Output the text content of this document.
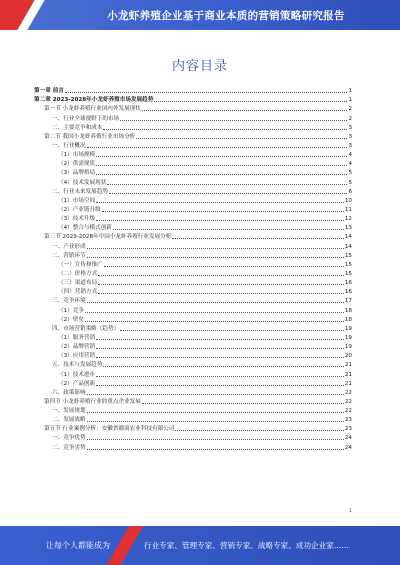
小龙虾养殖企业基于商业本质的营销策略研究报告
内容目录
第一章 前言	1
第二章 2023-2028年小龙虾养殖市场发展趋势	1
第一节 小龙虾养殖行业国内外发展现状	2
一、行业全球视野下的市场	2
二、主要竞争和成本	3
第二节 我国小龙虾养殖行业市场分析	3
一、行业概况	3
（1）市场规模	4
（2）供需现状	4
（3）品牌格局	5
（4）技术发展现状	5
二、行业未来发展趋势	6
（1）市场空间	10
（2）产业链升级	11
（3）技术升级	12
（4）整合与模式创新	13
第三节 2023-2028年中国小龙虾养殖行业发展分析	14
一、产业形成	14
二、营销环节	15
（一）宣传和推广	15
（二）价格方式	15
（三）渠道布局	16
（四）营销方式	16
三、竞争环境	17
（1）竞争	18
（2）壁垒	18
四、市场营销策略（趋势）	19
（1）服务营销	19
（2）品牌营销	19
（3）应用营销	20
五、技术与发展趋势	21
（1）技术进步	21
（2）产品创新	21
六、政策影响	22
第四节 小龙虾养殖行业的重点企业发展	22
一、发展规划	22
二、发展战略	23
第五节 行业案例分析：安徽省赣商农业科技有限公司	23
一、竞争优势	24
二、竞争劣势	24
1
让每个人都能成为	行业专家、管理专家、营销专家、战略专家、成功企业家……
